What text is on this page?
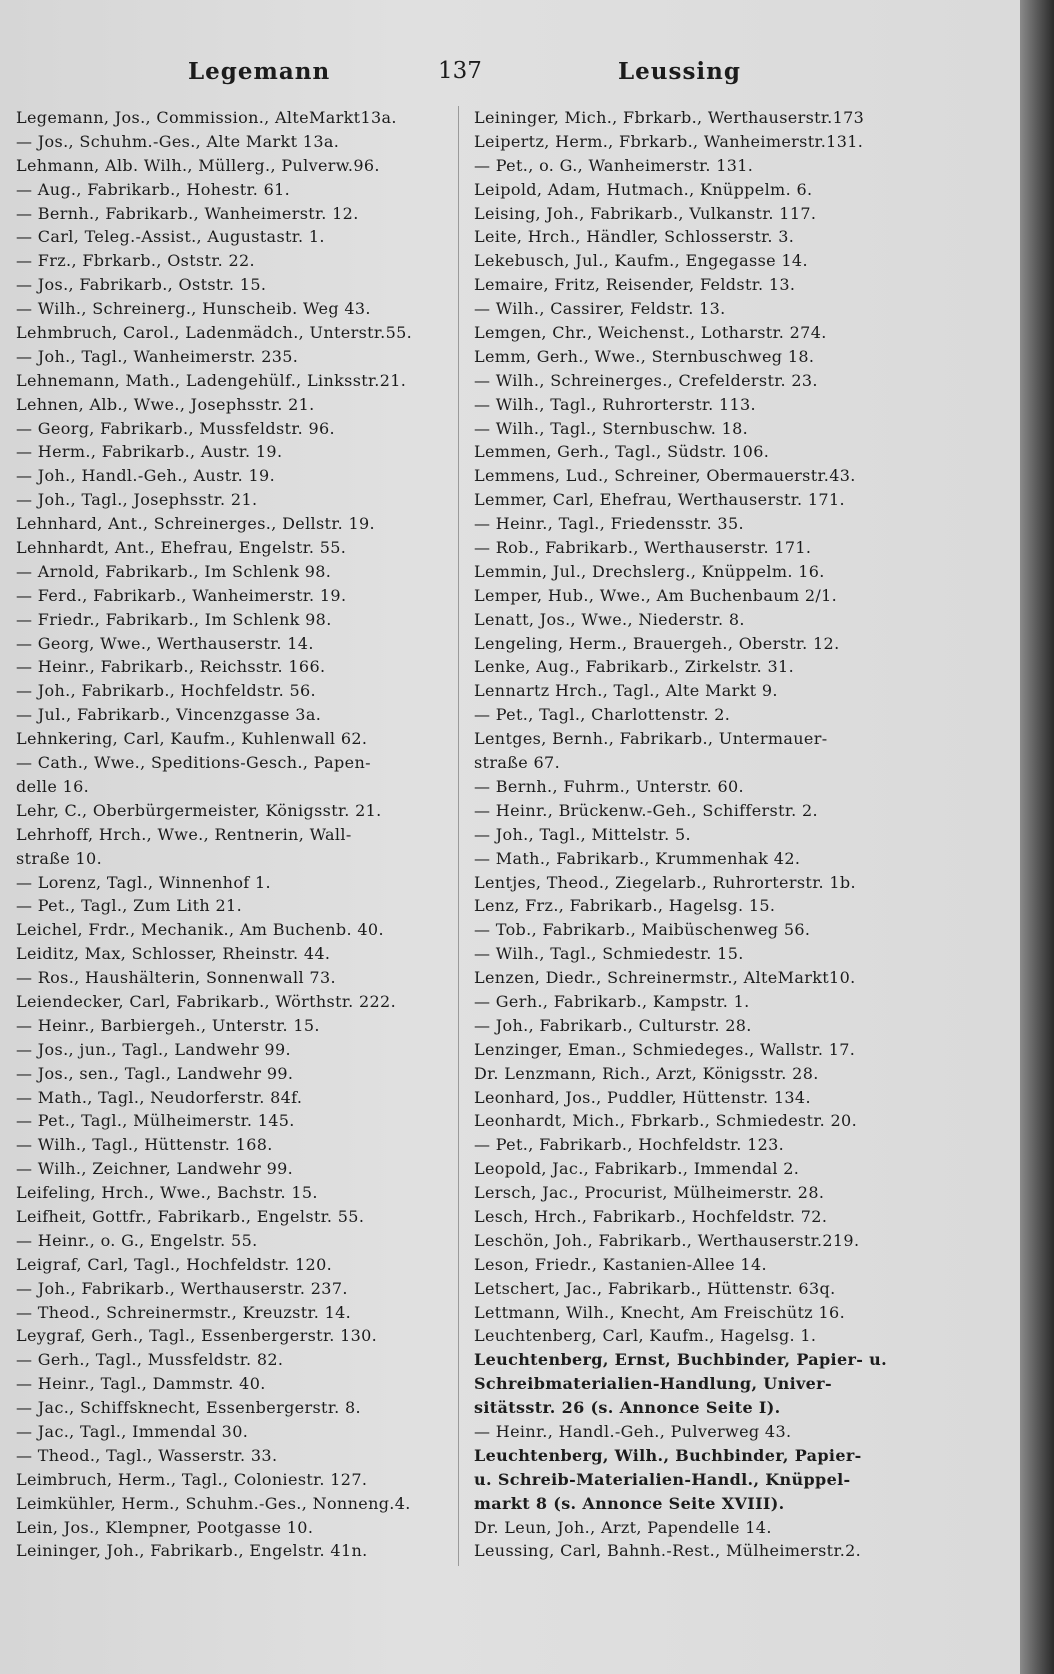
Legemann	137	Leussing
Legemann, Jos., Commission., AlteMarkt13a.
— Jos., Schuhm.-Ges., Alte Markt 13a.
Lehmann, Alb. Wilh., Müllerg., Pulverw.96.
— Aug., Fabrikarb., Hohestr. 61.
— Bernh., Fabrikarb., Wanheimerstr. 12.
— Carl, Teleg.-Assist., Augustastr. 1.
— Frz., Fbrkarb., Oststr. 22.
— Jos., Fabrikarb., Oststr. 15.
— Wilh., Schreinerg., Hunscheib. Weg 43.
Lehmbruch, Carol., Ladenmädch., Unterstr.55.
— Joh., Tagl., Wanheimerstr. 235.
Lehnemann, Math., Ladengehülf., Linksstr.21.
Lehnen, Alb., Wwe., Josephsstr. 21.
— Georg, Fabrikarb., Mussfeldstr. 96.
— Herm., Fabrikarb., Austr. 19.
— Joh., Handl.-Geh., Austr. 19.
— Joh., Tagl., Josephsstr. 21.
Lehnhard, Ant., Schreinerges., Dellstr. 19.
Lehnhardt, Ant., Ehefrau, Engelstr. 55.
— Arnold, Fabrikarb., Im Schlenk 98.
— Ferd., Fabrikarb., Wanheimerstr. 19.
— Friedr., Fabrikarb., Im Schlenk 98.
— Georg, Wwe., Werthauserstr. 14.
— Heinr., Fabrikarb., Reichsstr. 166.
— Joh., Fabrikarb., Hochfeldstr. 56.
— Jul., Fabrikarb., Vincenzgasse 3a.
Lehnkering, Carl, Kaufm., Kuhlenwall 62.
— Cath., Wwe., Speditions-Gesch., Papen-
delle 16.
Lehr, C., Oberbürgermeister, Königsstr. 21.
Lehrhoff, Hrch., Wwe., Rentnerin, Wall-
straße 10.
— Lorenz, Tagl., Winnenhof 1.
— Pet., Tagl., Zum Lith 21.
Leichel, Frdr., Mechanik., Am Buchenb. 40.
Leiditz, Max, Schlosser, Rheinstr. 44.
— Ros., Haushälterin, Sonnenwall 73.
Leiendecker, Carl, Fabrikarb., Wörthstr. 222.
— Heinr., Barbiergeh., Unterstr. 15.
— Jos., jun., Tagl., Landwehr 99.
— Jos., sen., Tagl., Landwehr 99.
— Math., Tagl., Neudorferstr. 84f.
— Pet., Tagl., Mülheimerstr. 145.
— Wilh., Tagl., Hüttenstr. 168.
— Wilh., Zeichner, Landwehr 99.
Leifeling, Hrch., Wwe., Bachstr. 15.
Leifheit, Gottfr., Fabrikarb., Engelstr. 55.
— Heinr., o. G., Engelstr. 55.
Leigraf, Carl, Tagl., Hochfeldstr. 120.
— Joh., Fabrikarb., Werthauserstr. 237.
— Theod., Schreinermstr., Kreuzstr. 14.
Leygraf, Gerh., Tagl., Essenbergerstr. 130.
— Gerh., Tagl., Mussfeldstr. 82.
— Heinr., Tagl., Dammstr. 40.
— Jac., Schiffsknecht, Essenbergerstr. 8.
— Jac., Tagl., Immendal 30.
— Theod., Tagl., Wasserstr. 33.
Leimbruch, Herm., Tagl., Coloniestr. 127.
Leimkühler, Herm., Schuhm.-Ges., Nonneng.4.
Lein, Jos., Klempner, Pootgasse 10.
Leininger, Joh., Fabrikarb., Engelstr. 41n.
Leininger, Mich., Fbrkarb., Werthauserstr.173
Leipertz, Herm., Fbrkarb., Wanheimerstr.131.
— Pet., o. G., Wanheimerstr. 131.
Leipold, Adam, Hutmach., Knüppelm. 6.
Leising, Joh., Fabrikarb., Vulkanstr. 117.
Leite, Hrch., Händler, Schlosserstr. 3.
Lekebusch, Jul., Kaufm., Engegasse 14.
Lemaire, Fritz, Reisender, Feldstr. 13.
— Wilh., Cassirer, Feldstr. 13.
Lemgen, Chr., Weichenst., Lotharstr. 274.
Lemm, Gerh., Wwe., Sternbuschweg 18.
— Wilh., Schreinerges., Crefelderstr. 23.
— Wilh., Tagl., Ruhrorterstr. 113.
— Wilh., Tagl., Sternbuschw. 18.
Lemmen, Gerh., Tagl., Südstr. 106.
Lemmens, Lud., Schreiner, Obermauerstr.43.
Lemmer, Carl, Ehefrau, Werthauserstr. 171.
— Heinr., Tagl., Friedensstr. 35.
— Rob., Fabrikarb., Werthauserstr. 171.
Lemmin, Jul., Drechslerg., Knüppelm. 16.
Lemper, Hub., Wwe., Am Buchenbaum 2/1.
Lenatt, Jos., Wwe., Niederstr. 8.
Lengeling, Herm., Brauergeh., Oberstr. 12.
Lenke, Aug., Fabrikarb., Zirkelstr. 31.
Lennartz Hrch., Tagl., Alte Markt 9.
— Pet., Tagl., Charlottenstr. 2.
Lentges, Bernh., Fabrikarb., Untermauer-
straße 67.
— Bernh., Fuhrm., Unterstr. 60.
— Heinr., Brückenw.-Geh., Schifferstr. 2.
— Joh., Tagl., Mittelstr. 5.
— Math., Fabrikarb., Krummenhak 42.
Lentjes, Theod., Ziegelarb., Ruhrorterstr. 1b.
Lenz, Frz., Fabrikarb., Hagelsg. 15.
— Tob., Fabrikarb., Maibüschenweg 56.
— Wilh., Tagl., Schmiedestr. 15.
Lenzen, Diedr., Schreinermstr., AlteMarkt10.
— Gerh., Fabrikarb., Kampstr. 1.
— Joh., Fabrikarb., Culturstr. 28.
Lenzinger, Eman., Schmiedeges., Wallstr. 17.
Dr. Lenzmann, Rich., Arzt, Königsstr. 28.
Leonhard, Jos., Puddler, Hüttenstr. 134.
Leonhardt, Mich., Fbrkarb., Schmiedestr. 20.
— Pet., Fabrikarb., Hochfeldstr. 123.
Leopold, Jac., Fabrikarb., Immendal 2.
Lersch, Jac., Procurist, Mülheimerstr. 28.
Lesch, Hrch., Fabrikarb., Hochfeldstr. 72.
Leschön, Joh., Fabrikarb., Werthauserstr.219.
Leson, Friedr., Kastanien-Allee 14.
Letschert, Jac., Fabrikarb., Hüttenstr. 63q.
Lettmann, Wilh., Knecht, Am Freischütz 16.
Leuchtenberg, Carl, Kaufm., Hagelsg. 1.
Leuchtenberg, Ernst, Buchbinder, Papier- u.
Schreibmaterialien-Handlung, Univer-
sitätsstr. 26 (s. Annonce Seite I).
— Heinr., Handl.-Geh., Pulverweg 43.
Leuchtenberg, Wilh., Buchbinder, Papier-
u. Schreib-Materialien-Handl., Knüppel-
markt 8 (s. Annonce Seite XVIII).
Dr. Leun, Joh., Arzt, Papendelle 14.
Leussing, Carl, Bahnh.-Rest., Mülheimerstr.2.
